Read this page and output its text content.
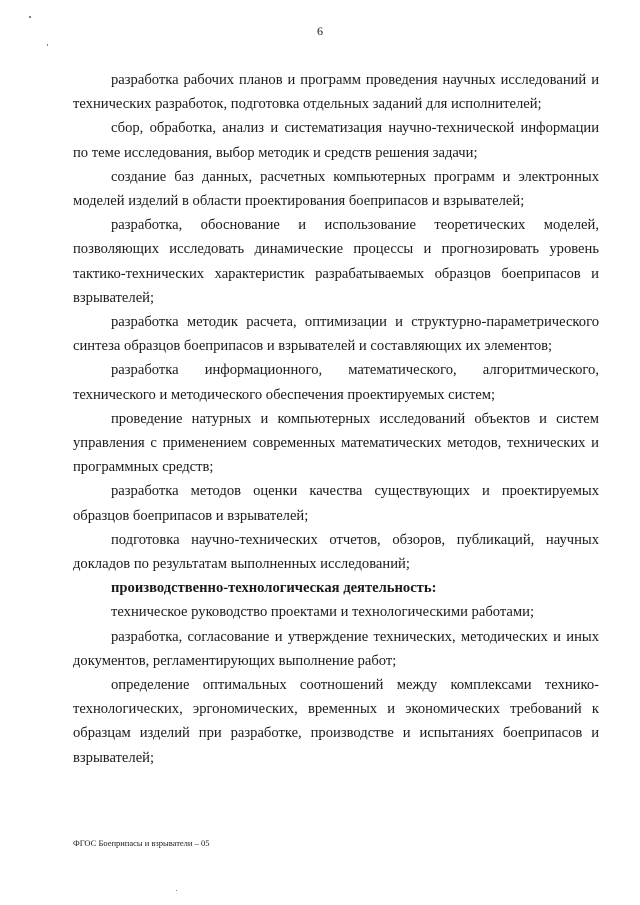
6

разработка рабочих планов и программ проведения научных исследований и технических разработок, подготовка отдельных заданий для исполнителей;

сбор, обработка, анализ и систематизация научно-технической информации по теме исследования, выбор методик и средств решения задачи;

создание баз данных, расчетных компьютерных программ и электронных моделей изделий в области проектирования боеприпасов и взрывателей;

разработка, обоснование и использование теоретических моделей, позволяющих исследовать динамические процессы и прогнозировать уровень тактико-технических характеристик разрабатываемых образцов боеприпасов и взрывателей;

разработка методик расчета, оптимизации и структурно-параметрического синтеза образцов боеприпасов и взрывателей и составляющих их элементов;

разработка информационного, математического, алгоритмического, технического и методического обеспечения проектируемых систем;

проведение натурных и компьютерных исследований объектов и систем управления с применением современных математических методов, технических и программных средств;

разработка методов оценки качества существующих и проектируемых образцов боеприпасов и взрывателей;

подготовка научно-технических отчетов, обзоров, публикаций, научных докладов по результатам выполненных исследований;

производственно-технологическая деятельность:

техническое руководство проектами и технологическими работами;

разработка, согласование и утверждение технических, методических и иных документов, регламентирующих выполнение работ;

определение оптимальных соотношений между комплексами технико-технологических, эргономических, временных и экономических требований к образцам изделий при разработке, производстве и испытаниях боеприпасов и взрывателей;

ФГОС Боеприпасы и взрыватели – 05
